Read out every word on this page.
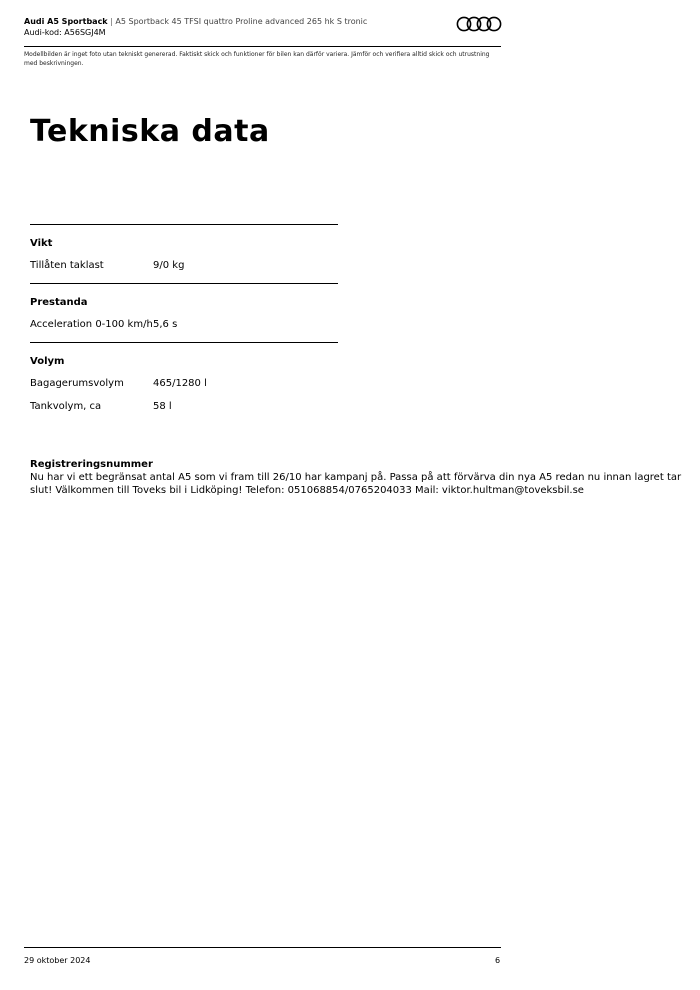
Audi A5 Sportback | A5 Sportback 45 TFSI quattro Proline advanced 265 hk S tronic
Audi-kod: A56SGJ4M
Modellbilden är inget foto utan tekniskt genererad. Faktiskt skick och funktioner för bilen kan därför variera. Jämför och verifiera alltid skick och utrustning med beskrivningen.
Tekniska data
Vikt
Tillåten taklast	9/0 kg
Prestanda
Acceleration 0-100 km/h 5,6 s
Volym
Bagagerumsvolym	465/1280 l
Tankvolym, ca	58 l
Registreringsnummer
Nu har vi ett begränsat antal A5 som vi fram till 26/10 har kampanj på. Passa på att förvärva din nya A5 redan nu innan lagret tar slut! Välkommen till Toveks bil i Lidköping! Telefon: 051068854/0765204033 Mail: viktor.hultman@toveksbil.se
29 oktober 2024	6
